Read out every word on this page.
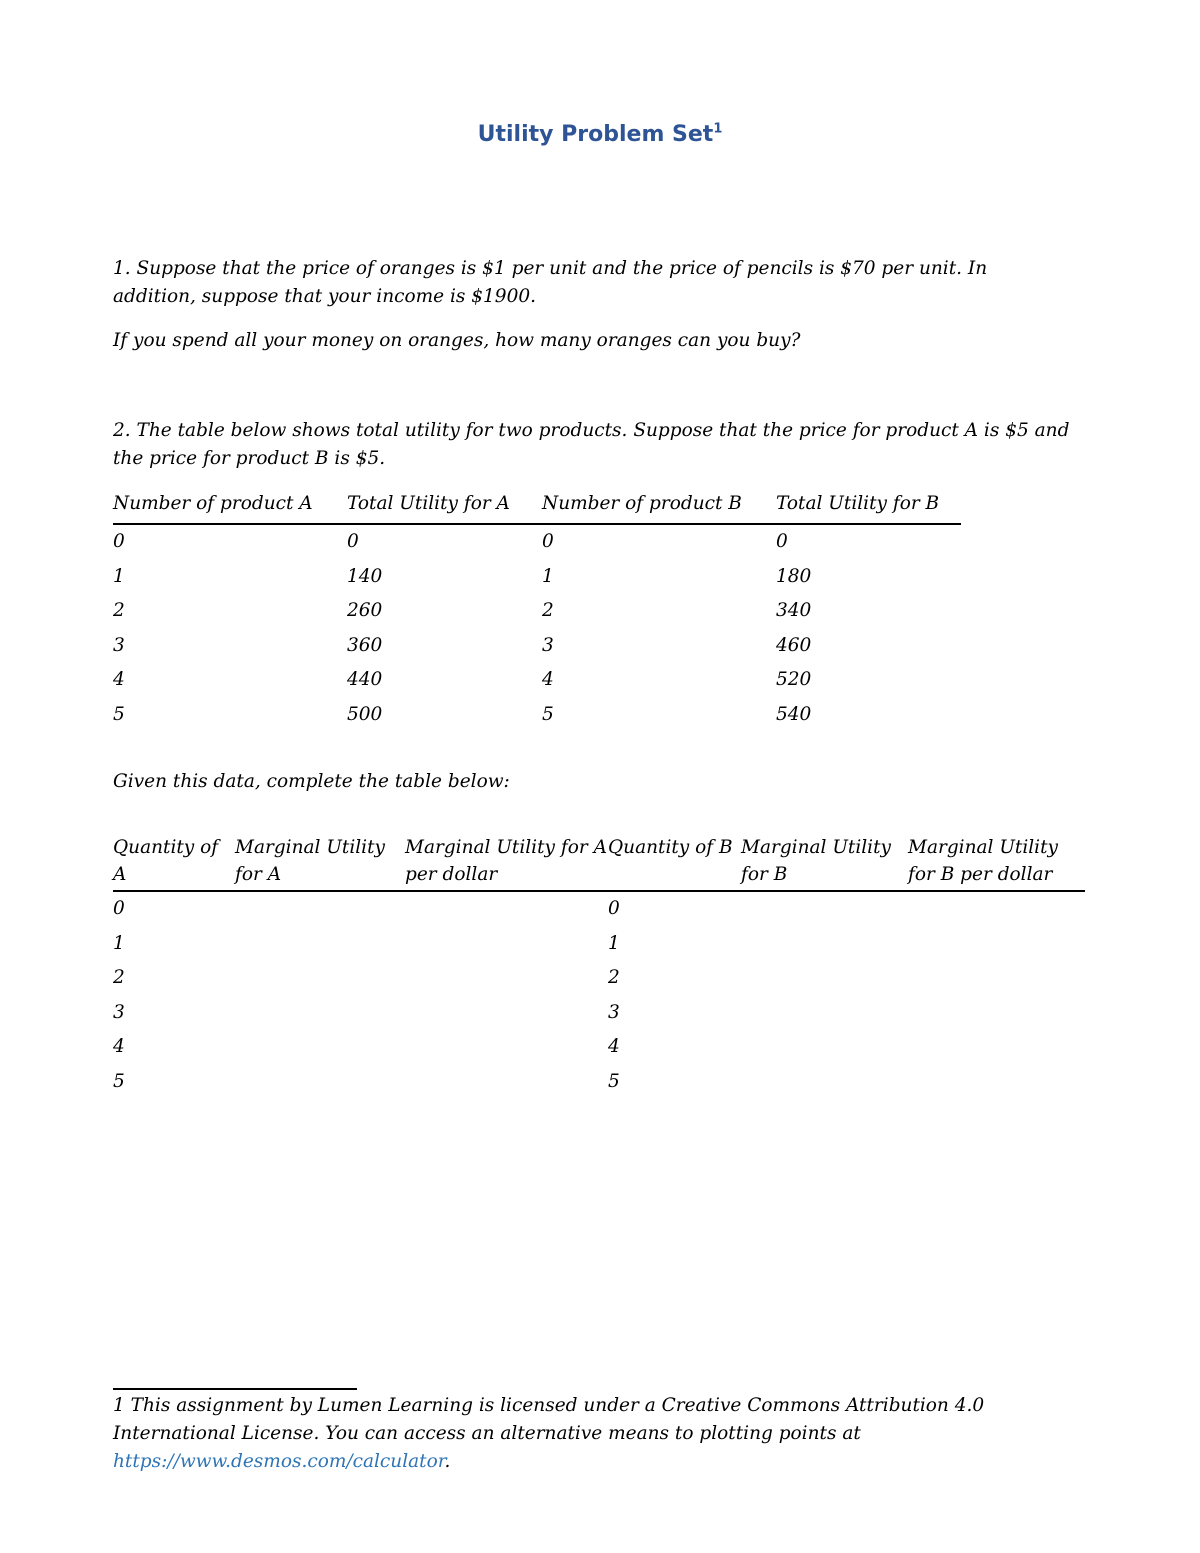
Utility Problem Set$^1$

1. Suppose that the price of oranges is $1 per unit and the price of pencils is $70 per unit. In addition, suppose that your income is $1900.

If you spend all your money on oranges, how many oranges can you buy?

2. The table below shows total utility for two products. Suppose that the price for product A is $5 and the price for product B is $5.

Number of product A	Total Utility for A	Number of product B	Total Utility for B
0	0	0	0
1	140	1	180
2	260	2	340
3	360	3	460
4	440	4	520
5	500	5	540

Given this data, complete the table below:

Quantity of A	Marginal Utility for A	Marginal Utility for A per dollar	Quantity of B	Marginal Utility for B	Marginal Utility for B per dollar
0			0		
1			1		
2			2		
3			3		
4			4		
5			5		

1 This assignment by Lumen Learning is licensed under a Creative Commons Attribution 4.0 International License. You can access an alternative means to plotting points at https://www.desmos.com/calculator.
